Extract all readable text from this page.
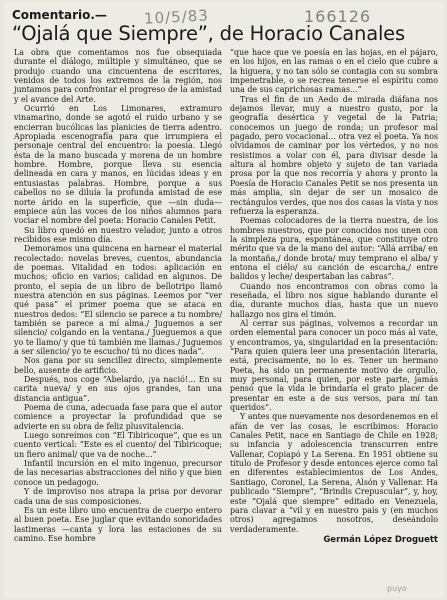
10/5/83	166126
Comentario.—
“Ojalá que Siempre”, de Horacio Canales

La obra que comentamos nos fue obsequiada durante el diálogo, múltiple y simultáneo, que se produjo cuando una cincuentena de escritores, venidos de todos los extremos de la región, nos juntamos para confrontar el progreso de la amistad y el avance del Arte.

Ocurrió en Los Limonares, extramuro vinamarino, donde se agotó el ruido urbano y se encierran bucólicas las planicies de tierra adentro. Apropiada escenografía para que irrumpiera el personaje central del encuentro: la poesía. Llegó ésta de la mano buscada y morena de un hombre hombre. Hombre, porque lleva su esencia delineada en cara y manos, en lúcidas ideas y en entusiastas palabras. Hombre, porque a sus cabellos no se diluía la profunda amistad de ese norte árido en la superficie, que —sin duda— empiece aún las voces de los niños alumnos para vociar el nombre del poeta: Horacio Canales Petit.

Su libro quedó en nuestro velador, junto a otros recibidos ese mismo día.

Demoramos una quincena en harnear el material recolectado: novelas breves, cuentos, abundancia de poemas. Vitalidad en todos: aplicación en muchos; oficio en varios; calidad en algunos. De pronto, el sepia de un libro de bellotripo llamó nuestra atención en sus páginas. Leemos por “ver qué pasa” el primer poema que se ataca en nuestros dedos: “El silencio se parece a tu nombre/ también se parece a mí alma./ Juguemos a ser silencio/ colgando en la ventana./ Jueguemos a que yo te llamo/ y que tú también me llamas./ Juguemos a ser silencio/ yo te escucho/ tú no dices nada”.

Nos gana por su sencillez directo, simplemente bello, ausente de artificio.

Después, nos coge “Abelardo, ¡ya nació!... En su carita nueva/ y en sus ojos grandes, tan una distancia antigua”.

Poema de cuna, adecuada fase para que el autor comience a proyectar la profundidad que se advierte en su obra de feliz plusvitalencia.

Luego sonreímos con “El Tibiricoque”, que es un cuento vertical: “Este es el cuento/ del Tibiricoque; un fiero animal/ que va de noche...”

Infantil incursión en el mito ingenuo, precursor de las necesarias abstracciones del niño y que bien conoce un pedagogo.

Y de improviso nos atrapa la prisa por devorar cada una de sus composiciones.

Es un este libro uno encuentra de cuerpo entero al buen poeta. Ese juglar que evitando sonoridades lastimeras —canta y lora las estaciones de su camino. Ese hombre

“que hace que ve poesía en las hojas, en el pájaro, en los hijos, en las ramas o en el cielo que cubre a la higuera, y no tan sólo se contagia con su sombra impenetrable, o se recrea tenerse el espíritu como una de sus caprichosas ramas...”

Tras el fin de un Aedo de mirada diáfana nos dejamos llevar, muy a nuestro gusto, por la geografía desértica y vegetal de la Patria; conocemos un juego de ronda; un profesor mal pagado, pero vocacional... otra vez el poeta. Ya nos olvidamos de caminar por los vértedos, y no nos resistimos a volar con él, para divisar desde la altura al hombre objeto y sujeto de tan variada prosa por la que nos recorría y ahora y pronto la Poesía de Horacio Canales Petit se nos presenta un más amplia, sin dejar de ser un mosaico de rectángulos verdes, que nos dos casas la vista y nos refuerza la esperanza.

Poemas colocadores de la tierra nuestra, de los hombres nuestros, que por conocidos nos unen con la simpleza pura, espontánea, que constituye otro mérito que va de la mano del autor: “Allá arriba/ en la montaña,/ donde brota/ muy temprano el alba/ y entona el ciélo/ su canción de escarcha,/ entre balidos y leche/ despertaban las cabras”.

Cuando nos encontramos con obras como la reseñada, el libro nos sigue hablando durante el día, durante muchos días, hasta que un nuevo hallazgo nos gira el timón.

Al cerrar sus páginas, volvemos a recordar un orden elemental para conocer un poco más al vate, y encontramos, ya, singularidad en la presentación: “Para quien quiera leer una presentación literaria, está, precisamente, no lo es. Tener un hermano Poeta, ha sido un permanente motivo de orgullo, muy personal, para quien, por este parte, jamás pensó que la vida le brindaría el grato placer de presentar en este a de sus versos, para mí tan queridos”.

Y antes que nuevamente nos desordenemos en el afán de ver las cosas, le escribimos: Horacio Canales Petit, nace en Santiago de Chile en 1928; su infancia y adolescencia transcurren entre Vallenar, Copiapó y La Serena. En 1951 obtiene su título de Profesor y desde entonces ejerce como tal en diferentes establecimientos de Los Andes, Santiago, Coronel, La Serena, Alsón y Vallenar. Ha publicado “Siempre”, “Brindis Crepuscular”, y, hoy, este “Ojalá que siempre” editado en Venezuela, para clavar a “vil y en nuestro país y (en muchos otros) agregamos nosotros, deseándolo verdaderamente.

Germán López Droguett
puyo
